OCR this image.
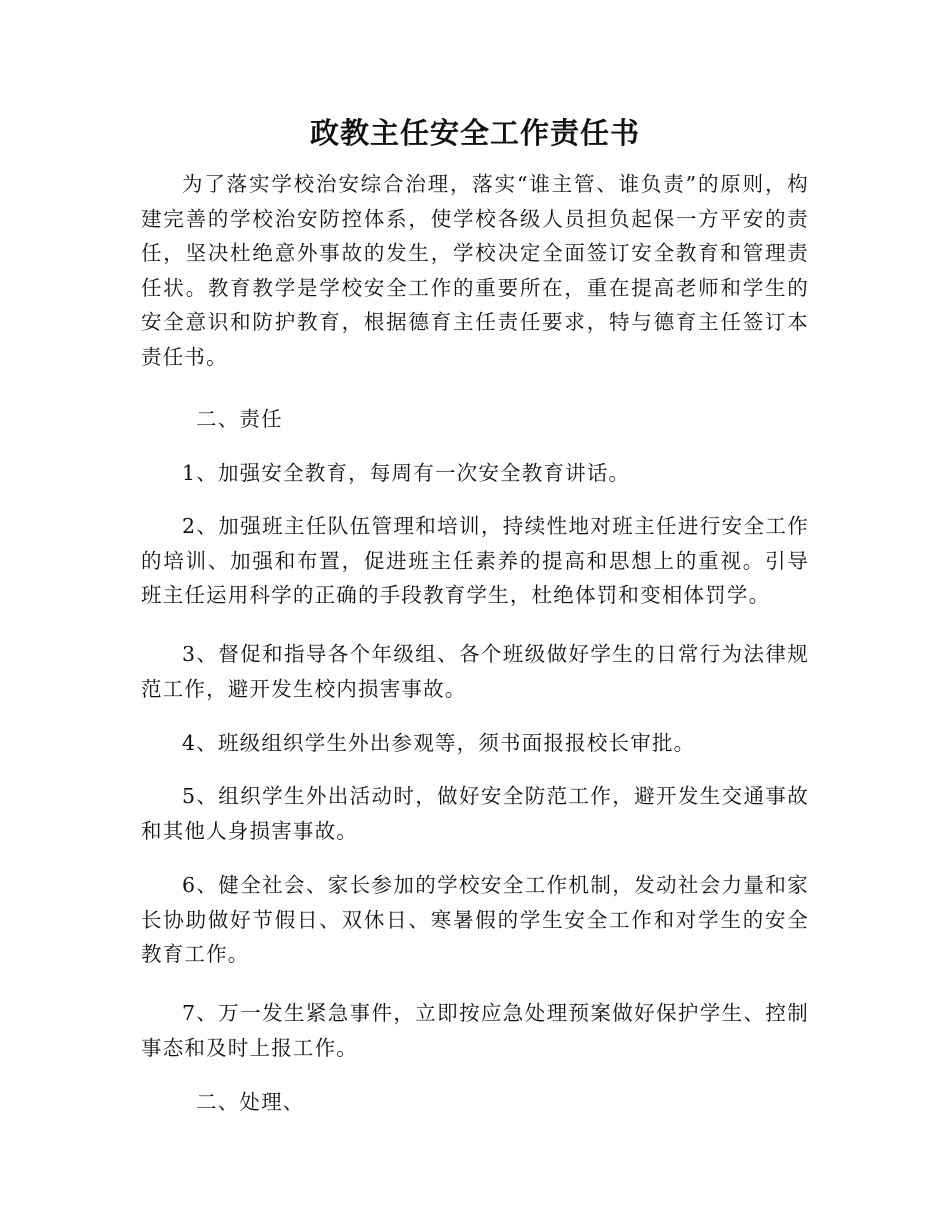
政教主任安全工作责任书

为了落实学校治安综合治理，落实“谁主管、谁负责”的原则，构建完善的学校治安防控体系，使学校各级人员担负起保一方平安的责任，坚决杜绝意外事故的发生，学校决定全面签订安全教育和管理责任状。教育教学是学校安全工作的重要所在，重在提高老师和学生的安全意识和防护教育，根据德育主任责任要求，特与德育主任签订本责任书。

二、责任

1、加强安全教育，每周有一次安全教育讲话。

2、加强班主任队伍管理和培训，持续性地对班主任进行安全工作的培训、加强和布置，促进班主任素养的提高和思想上的重视。引导班主任运用科学的正确的手段教育学生，杜绝体罚和变相体罚学。

3、督促和指导各个年级组、各个班级做好学生的日常行为法律规范工作，避开发生校内损害事故。

4、班级组织学生外出参观等，须书面报报校长审批。

5、组织学生外出活动时，做好安全防范工作，避开发生交通事故和其他人身损害事故。

6、健全社会、家长参加的学校安全工作机制，发动社会力量和家长协助做好节假日、双休日、寒暑假的学生安全工作和对学生的安全教育工作。

7、万一发生紧急事件，立即按应急处理预案做好保护学生、控制事态和及时上报工作。

二、处理、
